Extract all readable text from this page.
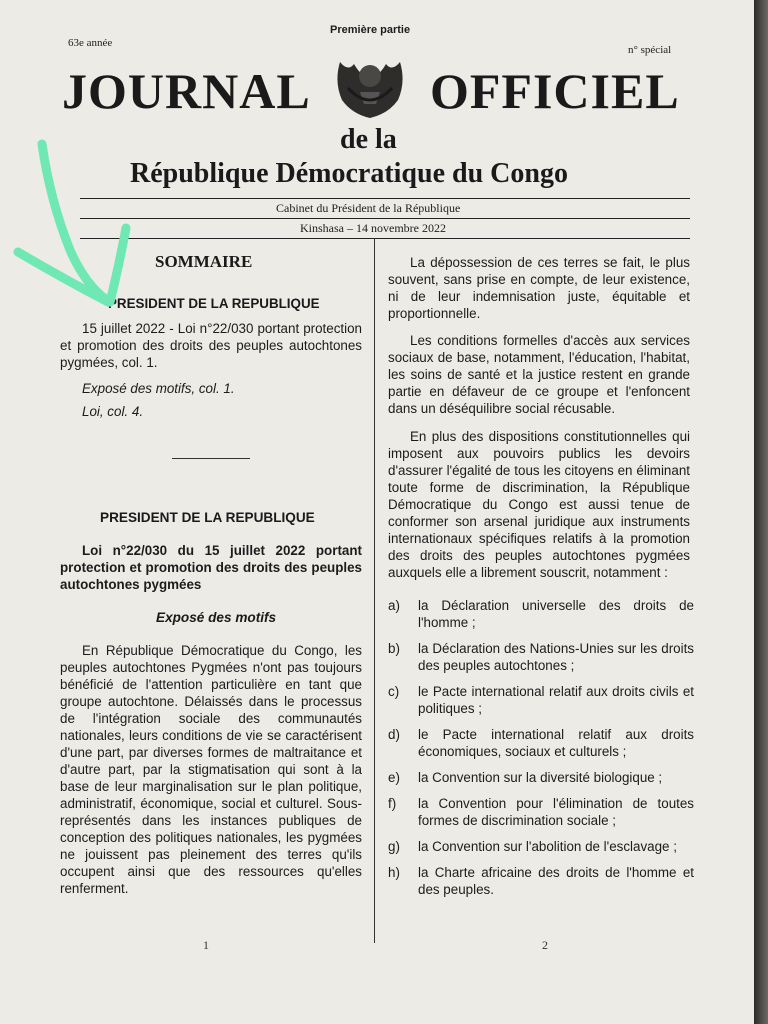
Première partie
63e année
n° spécial
JOURNAL OFFICIEL
de la
République Démocratique du Congo
Cabinet du Président de la République
Kinshasa – 14 novembre 2022
SOMMAIRE
PRESIDENT DE LA REPUBLIQUE
15 juillet 2022 - Loi n°22/030 portant protection et promotion des droits des peuples autochtones pygmées, col. 1.
Exposé des motifs, col. 1.
Loi, col. 4.
PRESIDENT DE LA REPUBLIQUE
Loi n°22/030 du 15 juillet 2022 portant protection et promotion des droits des peuples autochtones pygmées
Exposé des motifs
En République Démocratique du Congo, les peuples autochtones Pygmées n'ont pas toujours bénéficié de l'attention particulière en tant que groupe autochtone. Délaissés dans le processus de l'intégration sociale des communautés nationales, leurs conditions de vie se caractérisent d'une part, par diverses formes de maltraitance et d'autre part, par la stigmatisation qui sont à la base de leur marginalisation sur le plan politique, administratif, économique, social et culturel. Sous-représentés dans les instances publiques de conception des politiques nationales, les pygmées ne jouissent pas pleinement des terres qu'ils occupent ainsi que des ressources qu'elles renferment.
1
La dépossession de ces terres se fait, le plus souvent, sans prise en compte, de leur existence, ni de leur indemnisation juste, équitable et proportionnelle.
Les conditions formelles d'accès aux services sociaux de base, notamment, l'éducation, l'habitat, les soins de santé et la justice restent en grande partie en défaveur de ce groupe et l'enfoncent dans un déséquilibre social récusable.
En plus des dispositions constitutionnelles qui imposent aux pouvoirs publics les devoirs d'assurer l'égalité de tous les citoyens en éliminant toute forme de discrimination, la République Démocratique du Congo est aussi tenue de conformer son arsenal juridique aux instruments internationaux spécifiques relatifs à la promotion des droits des peuples autochtones pygmées auxquels elle a librement souscrit, notamment :
a)	la Déclaration universelle des droits de l'homme ;
b)	la Déclaration des Nations-Unies sur les droits des peuples autochtones ;
c)	le Pacte international relatif aux droits civils et politiques ;
d)	le Pacte international relatif aux droits économiques, sociaux et culturels ;
e)	la Convention sur la diversité biologique ;
f)	la Convention pour l'élimination de toutes formes de discrimination sociale ;
g)	la Convention sur l'abolition de l'esclavage ;
h)	la Charte africaine des droits de l'homme et des peuples.
2
